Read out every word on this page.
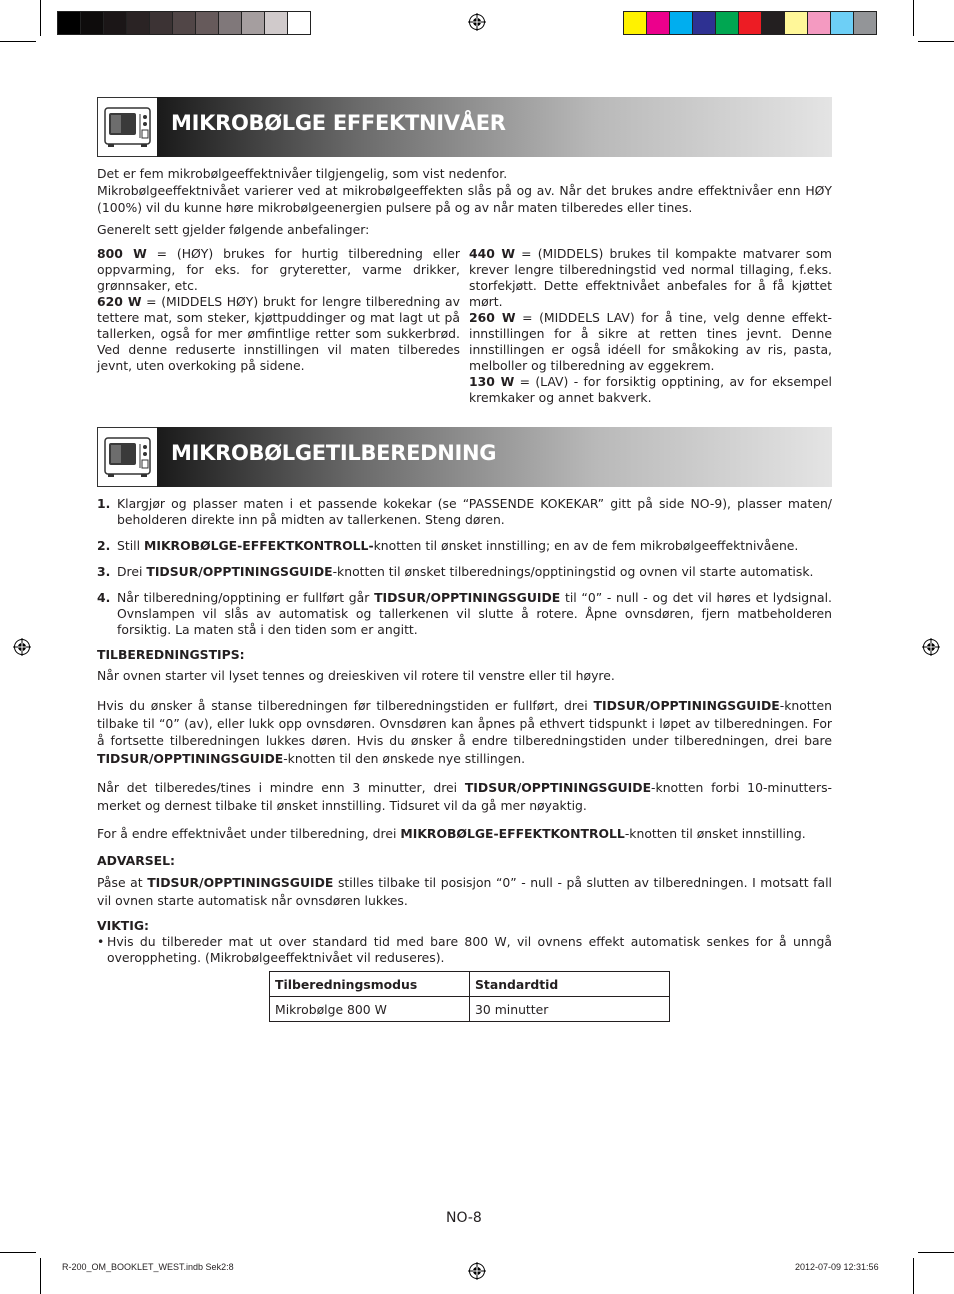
MIKROBØLGE EFFEKTNIVÅER

Det er fem mikrobølgeeffektnivåer tilgjengelig, som vist nedenfor.

Mikrobølgeeffektnivået varierer ved at mikrobølgeeffekten slås på og av. Når det brukes andre effektnivåer enn HØY (100%) vil du kunne høre mikrobølgeenergien pulsere på og av når maten tilberedes eller tines.

Generelt sett gjelder følgende anbefalinger:

800 W = (HØY) brukes for hurtig tilberedning eller oppvarming, for eks. for gryteretter, varme drikker, grønnsaker, etc.

620 W = (MIDDELS HØY) brukt for lengre tilberedning av tettere mat, som steker, kjøttpuddinger og mat lagt ut på tallerken, også for mer ømfintlige retter som sukkerbrød. Ved denne reduserte innstillingen vil maten tilberedes jevnt, uten overkoking på sidene.

440 W = (MIDDELS) brukes til kompakte matvarer som krever lengre tilberedningstid ved normal tillaging, f.eks. storfekjøtt. Dette effektnivået anbefales for å få kjøttet mørt.

260 W = (MIDDELS LAV) for å tine, velg denne effektinnstillingen for å sikre at retten tines jevnt. Denne innstillingen er også idéell for småkoking av ris, pasta, melboller og tilberedning av eggekrem.

130 W = (LAV) - for forsiktig opptining, av for eksempel kremkaker og annet bakverk.

MIKROBØLGETILBEREDNING
1. Klargjør og plasser maten i et passende kokekar (se “PASSENDE KOKEKAR” gitt på side NO-9), plasser maten/ beholderen direkte inn på midten av tallerkenen. Steng døren.
2. Still MIKROBØLGE-EFFEKTKONTROLL-knotten til ønsket innstilling; en av de fem mikrobølgeeffektnivåene.
3. Drei TIDSUR/OPPTININGSGUIDE-knotten til ønsket tilberednings/opptiningstid og ovnen vil starte automatisk.
4. Når tilberedning/opptining er fullført går TIDSUR/OPPTININGSGUIDE til “0” - null - og det vil høres et lydsignal. Ovnslampen vil slås av automatisk og tallerkenen vil slutte å rotere. Åpne ovnsdøren, fjern matbeholderen forsiktig. La maten stå i den tiden som er angitt.

TILBEREDNINGSTIPS:

Når ovnen starter vil lyset tennes og dreieskiven vil rotere til venstre eller til høyre.

Hvis du ønsker å stanse tilberedningen før tilberedningstiden er fullført, drei TIDSUR/OPPTININGSGUIDE-knotten tilbake til “0” (av), eller lukk opp ovnsdøren. Ovnsdøren kan åpnes på ethvert tidspunkt i løpet av tilberedningen. For å fortsette tilberedningen lukkes døren. Hvis du ønsker å endre tilberedningstiden under tilberedningen, drei bare TIDSUR/OPPTININGSGUIDE-knotten til den ønskede nye stillingen.

Når det tilberedes/tines i mindre enn 3 minutter, drei TIDSUR/OPPTININGSGUIDE-knotten forbi 10-minutters-merket og dernest tilbake til ønsket innstilling. Tidsuret vil da gå mer nøyaktig.

For å endre effektnivået under tilberedning, drei MIKROBØLGE-EFFEKTKONTROLL-knotten til ønsket innstilling.

ADVARSEL:

Påse at TIDSUR/OPPTININGSGUIDE stilles tilbake til posisjon “0” - null - på slutten av tilberedningen. I motsatt fall vil ovnen starte automatisk når ovnsdøren lukkes.

VIKTIG:

• Hvis du tilbereder mat ut over standard tid med bare 800 W, vil ovnens effekt automatisk senkes for å unngå overoppheting. (Mikrobølgeeffektnivået vil reduseres).
Tilberedningsmodus	Standardtid
Mikrobølge 800 W	30 minutter
NO-8
R-200_OM_BOOKLET_WEST.indb Sek2:8	2012-07-09 12:31:56
